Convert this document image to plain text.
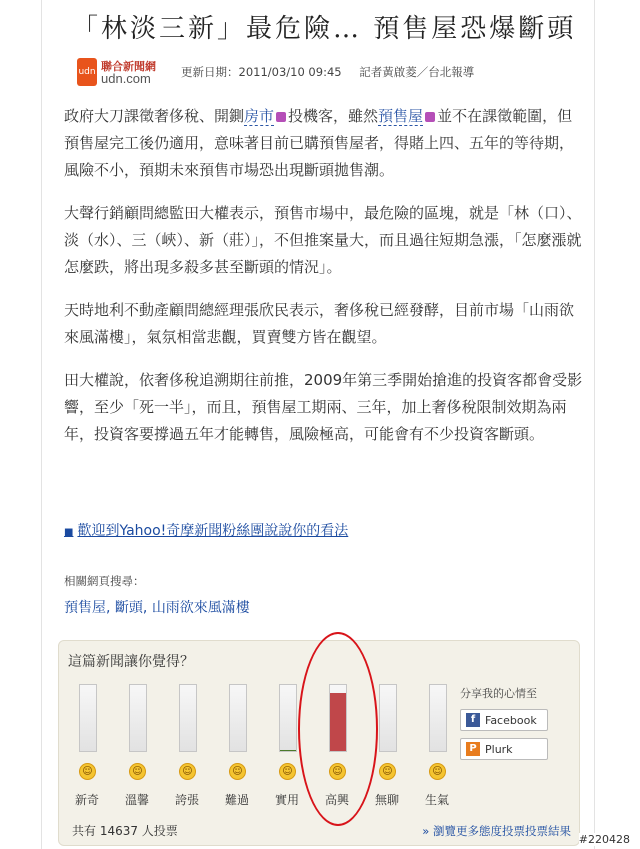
「林淡三新」最危險… 預售屋恐爆斷頭
udn 聯合新聞網
udn.com	更新日期：2011/03/10 09:45 記者黃啟菱／台北報導

政府大刀課徵奢侈稅、開鍘房市 投機客，雖然預售屋 並不在課徵範圍，但預售屋完工後仍適用，意味著目前已購預售屋者，得賭上四、五年的等待期，風險不小，預期未來預售市場恐出現斷頭拋售潮。

大聲行銷顧問總監田大權表示，預售市場中，最危險的區塊，就是「林（口）、淡（水）、三（峽）、新（莊）」，不但推案量大，而且過往短期急漲，「怎麼漲就怎麼跌，將出現多殺多甚至斷頭的情況」。

天時地利不動產顧問總經理張欣民表示，奢侈稅已經發酵，目前市場「山雨欲來風滿樓」，氣氛相當悲觀，買賣雙方皆在觀望。

田大權說，依奢侈稅追溯期往前推，2009年第三季開始搶進的投資客都會受影響，至少「死一半」，而且，預售屋工期兩、三年，加上奢侈稅限制效期為兩年，投資客要撐過五年才能轉售，風險極高，可能會有不少投資客斷頭。

■ 歡迎到Yahoo!奇摩新聞粉絲團說說你的看法
相關網頁搜尋：
預售屋, 斷頭, 山雨欲來風滿樓
這篇新聞讓你覺得？
☺
新奇
☺
溫馨
☺
誇張
☺
難過
☺
實用
☺
高興
☺
無聊
☺
生氣
分享我的心情至
f Facebook
P Plurk
共有 14637 人投票	» 瀏覽更多態度投票投票結果
#220428
